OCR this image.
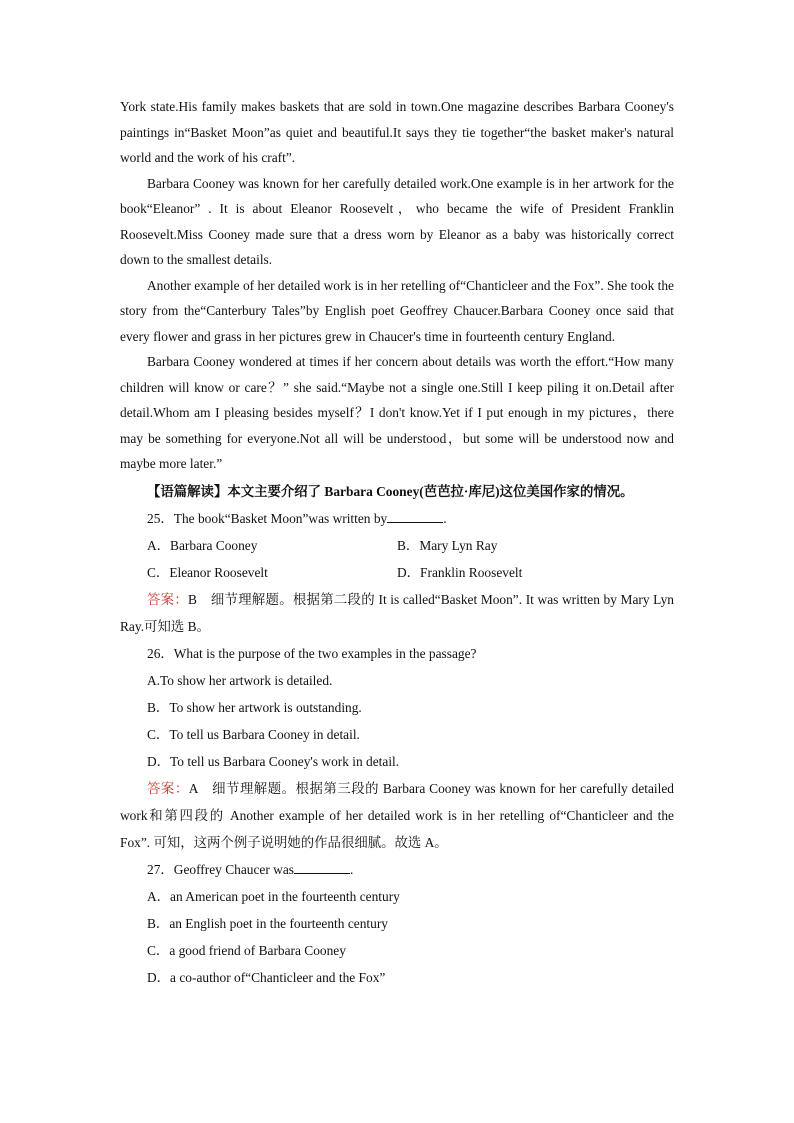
York state.His family makes baskets that are sold in town.One magazine describes Barbara Cooney's paintings in“Basket Moon”as quiet and beautiful.It says they tie together“the basket maker's natural world and the work of his craft”.

Barbara Cooney was known for her carefully detailed work.One example is in her artwork for the book“Eleanor” . It is about Eleanor Roosevelt，who became the wife of President Franklin Roosevelt.Miss Cooney made sure that a dress worn by Eleanor as a baby was historically correct down to the smallest details.

Another example of her detailed work is in her retelling of“Chanticleer and the Fox”. She took the story from the“Canterbury Tales”by English poet Geoffrey Chaucer.Barbara Cooney once said that every flower and grass in her pictures grew in Chaucer's time in fourteenth century England.

Barbara Cooney wondered at times if her concern about details was worth the effort.“How many children will know or care？” she said.“Maybe not a single one.Still I keep piling it on.Detail after detail.Whom am I pleasing besides myself？I don't know.Yet if I put enough in my pictures，there may be something for everyone.Not all will be understood，but some will be understood now and maybe more later.”

【语篇解读】本文主要介绍了 Barbara Cooney(芭芭拉·库尼)这位美国作家的情况。

25．The book“Basket Moon”was written by	.

A．Barbara Cooney	B．Mary Lyn Ray
C．Eleanor Roosevelt	D．Franklin Roosevelt

答案：B　细节理解题。根据第二段的 It is called“Basket Moon”. It was written by Mary Lyn Ray.可知选 B。

26．What is the purpose of the two examples in the passage?

A.To show her artwork is detailed.

B．To show her artwork is outstanding.

C．To tell us Barbara Cooney in detail.

D．To tell us Barbara Cooney's work in detail.

答案：A　细节理解题。根据第三段的 Barbara Cooney was known for her carefully detailed work和第四段的 Another example of her detailed work is in her retelling of“Chanticleer and the Fox”. 可知，这两个例子说明她的作品很细腻。故选 A。

27．Geoffrey Chaucer was	.

A．an American poet in the fourteenth century

B．an English poet in the fourteenth century

C．a good friend of Barbara Cooney

D．a co-author of“Chanticleer and the Fox”
